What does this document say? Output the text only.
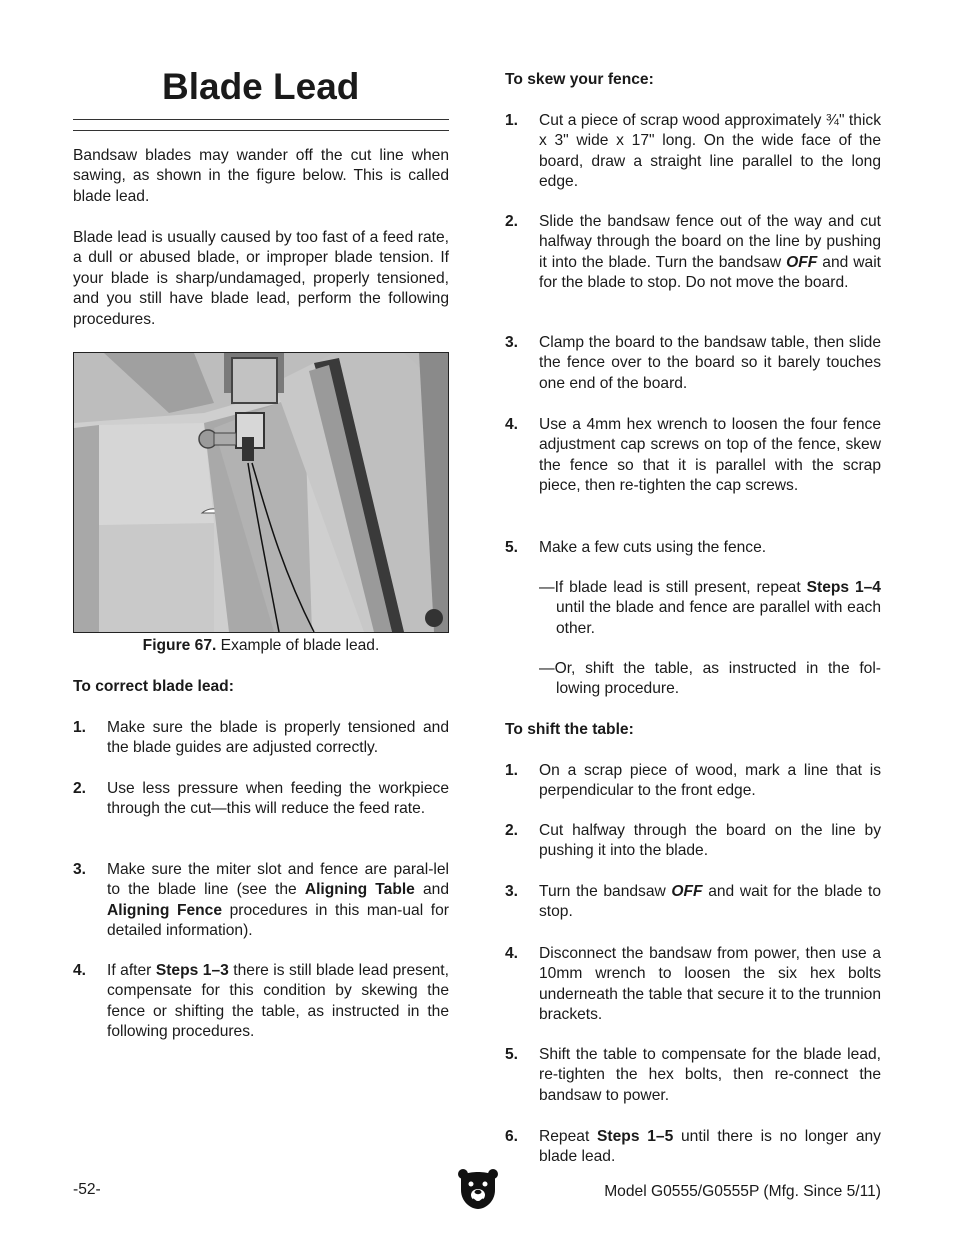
Blade Lead

Bandsaw blades may wander off the cut line when sawing, as shown in the figure below. This is called blade lead.

Blade lead is usually caused by too fast of a feed rate, a dull or abused blade, or improper blade tension. If your blade is sharp/undamaged, properly tensioned, and you still have blade lead, perform the following procedures.

To correct blade lead:

1. Make sure the blade is properly tensioned and the blade guides are adjusted correctly.
2. Use less pressure when feeding the workpiece through the cut—this will reduce the feed rate.
3. Make sure the miter slot and fence are paral-lel to the blade line (see the Aligning Table and Aligning Fence procedures in this man-ual for detailed information).
4. If after Steps 1–3 there is still blade lead present, compensate for this condition by skewing the fence or shifting the table, as instructed in the following procedures.

Figure 67. Example of blade lead.

To skew your fence:

1. Cut a piece of scrap wood approximately ¾" thick x 3" wide x 17" long. On the wide face of the board, draw a straight line parallel to the long edge.
2. Slide the bandsaw fence out of the way and cut halfway through the board on the line by pushing it into the blade. Turn the bandsaw OFF and wait for the blade to stop. Do not move the board.
3. Clamp the board to the bandsaw table, then slide the fence over to the board so it barely touches one end of the board.
4. Use a 4mm hex wrench to loosen the four fence adjustment cap screws on top of the fence, skew the fence so that it is parallel with the scrap piece, then re-tighten the cap screws.
5. Make a few cuts using the fence.
—If blade lead is still present, repeat Steps 1–4 until the blade and fence are parallel with each other.
—Or, shift the table, as instructed in the fol-lowing procedure.

To shift the table:

1. On a scrap piece of wood, mark a line that is perpendicular to the front edge.
2. Cut halfway through the board on the line by pushing it into the blade.
3. Turn the bandsaw OFF and wait for the blade to stop.
4. Disconnect the bandsaw from power, then use a 10mm wrench to loosen the six hex bolts underneath the table that secure it to the trunnion brackets.
5. Shift the table to compensate for the blade lead, re-tighten the hex bolts, then re-connect the bandsaw to power.
6. Repeat Steps 1–5 until there is no longer any blade lead.

-52-	Model G0555/G0555P (Mfg. Since 5/11)
